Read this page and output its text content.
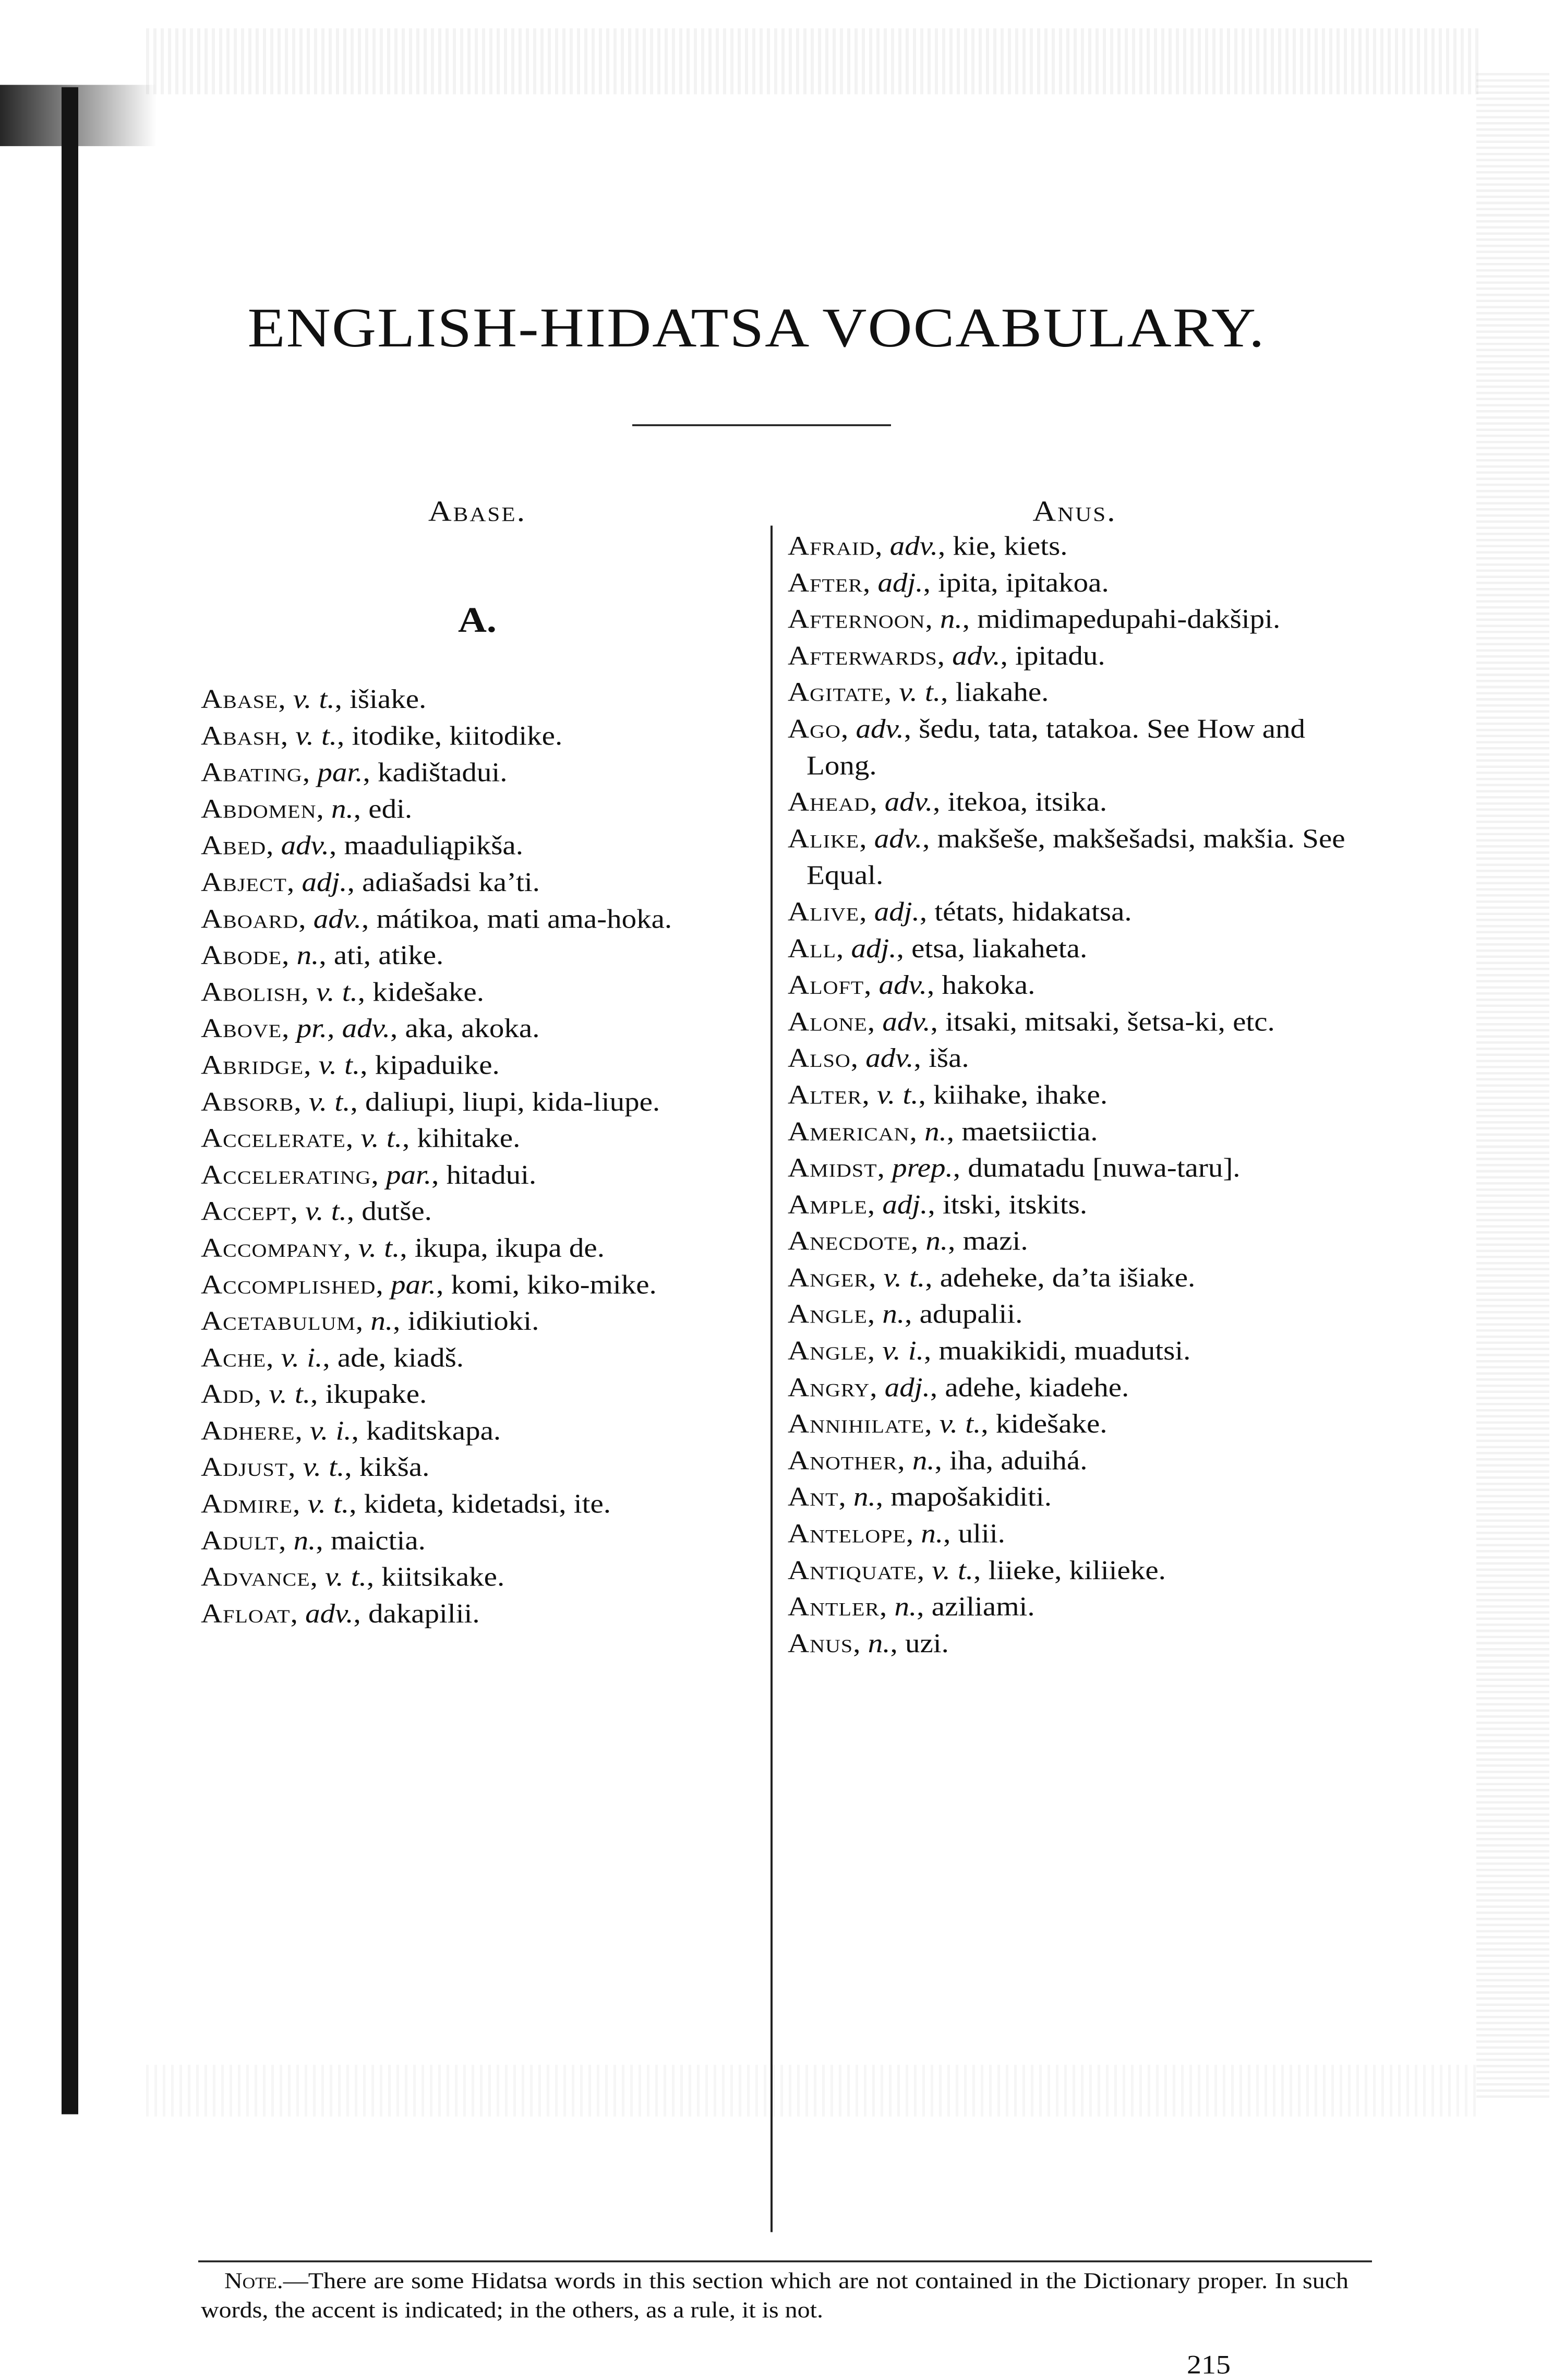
ENGLISH-HIDATSA VOCABULARY.
Abase.
A.
Abase, v. t., išiake.
Abash, v. t., itodike, kiitodike.
Abating, par., kadištadui.
Abdomen, n., edi.
Abed, adv., maaduliąpikša.
Abject, adj., adiašadsi ka’ti.
Aboard, adv., mátikoa, mati ama-hoka.
Abode, n., ati, atike.
Abolish, v. t., kidešake.
Above, pr., adv., aka, akoka.
Abridge, v. t., kipaduike.
Absorb, v. t., daliupi, liupi, kida-liupe.
Accelerate, v. t., kihitake.
Accelerating, par., hitadui.
Accept, v. t., dutše.
Accompany, v. t., ikupa, ikupa de.
Accomplished, par., komi, kiko-mike.
Acetabulum, n., idikiutioki.
Ache, v. i., ade, kiadš.
Add, v. t., ikupake.
Adhere, v. i., kaditskapa.
Adjust, v. t., kikša.
Admire, v. t., kideta, kidetadsi, ite.
Adult, n., maictia.
Advance, v. t., kiitsikake.
Afloat, adv., dakapilii.
Anus.
Afraid, adv., kie, kiets.
After, adj., ipita, ipitakoa.
Afternoon, n., midimapedupahi-dakšipi.
Afterwards, adv., ipitadu.
Agitate, v. t., liakahe.
Ago, adv., šedu, tata, tatakoa. See How and Long.
Ahead, adv., itekoa, itsika.
Alike, adv., makšeše, makšešadsi, makšia. See Equal.
Alive, adj., tétats, hidakatsa.
All, adj., etsa, liakaheta.
Aloft, adv., hakoka.
Alone, adv., itsaki, mitsaki, šetsa-ki, etc.
Also, adv., iša.
Alter, v. t., kiihake, ihake.
American, n., maetsiictia.
Amidst, prep., dumatadu [nuwa-taru].
Ample, adj., itski, itskits.
Anecdote, n., mazi.
Anger, v. t., adeheke, da’ta išiake.
Angle, n., adupalii.
Angle, v. i., muakikidi, muadutsi.
Angry, adj., adehe, kiadehe.
Annihilate, v. t., kidešake.
Another, n., iha, aduihá.
Ant, n., mapošakiditi.
Antelope, n., ulii.
Antiquate, v. t., liieke, kiliieke.
Antler, n., aziliami.
Anus, n., uzi.
Note.—There are some Hidatsa words in this section which are not contained in the Dictionary proper. In such words, the accent is indicated; in the others, as a rule, it is not.
215
